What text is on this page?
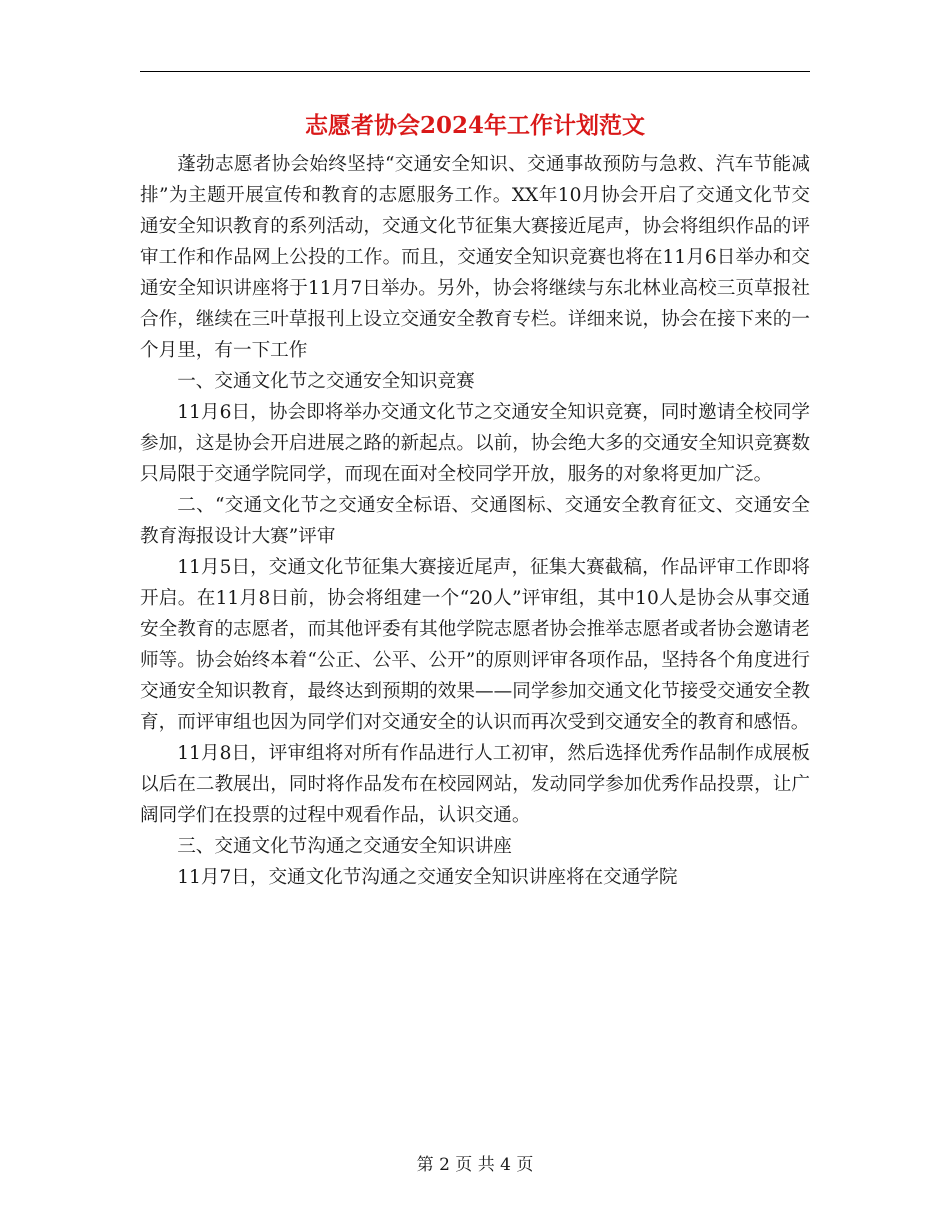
志愿者协会2024年工作计划范文

蓬勃志愿者协会始终坚持“交通安全知识、交通事故预防与急救、汽车节能减排”为主题开展宣传和教育的志愿服务工作。XX年10月协会开启了交通文化节交通安全知识教育的系列活动，交通文化节征集大赛接近尾声，协会将组织作品的评审工作和作品网上公投的工作。而且，交通安全知识竞赛也将在11月6日举办和交通安全知识讲座将于11月7日举办。另外，协会将继续与东北林业高校三页草报社合作，继续在三叶草报刊上设立交通安全教育专栏。详细来说，协会在接下来的一个月里，有一下工作

一、交通文化节之交通安全知识竞赛

11月6日，协会即将举办交通文化节之交通安全知识竞赛，同时邀请全校同学参加，这是协会开启进展之路的新起点。以前，协会绝大多的交通安全知识竞赛数只局限于交通学院同学，而现在面对全校同学开放，服务的对象将更加广泛。

二、“交通文化节之交通安全标语、交通图标、交通安全教育征文、交通安全教育海报设计大赛”评审

11月5日，交通文化节征集大赛接近尾声，征集大赛截稿，作品评审工作即将开启。在11月8日前，协会将组建一个“20人”评审组，其中10人是协会从事交通安全教育的志愿者，而其他评委有其他学院志愿者协会推举志愿者或者协会邀请老师等。协会始终本着“公正、公平、公开”的原则评审各项作品，坚持各个角度进行交通安全知识教育，最终达到预期的效果——同学参加交通文化节接受交通安全教育，而评审组也因为同学们对交通安全的认识而再次受到交通安全的教育和感悟。

11月8日，评审组将对所有作品进行人工初审，然后选择优秀作品制作成展板以后在二教展出，同时将作品发布在校园网站，发动同学参加优秀作品投票，让广阔同学们在投票的过程中观看作品，认识交通。

三、交通文化节沟通之交通安全知识讲座

11月7日，交通文化节沟通之交通安全知识讲座将在交通学院

第 2 页 共 4 页
